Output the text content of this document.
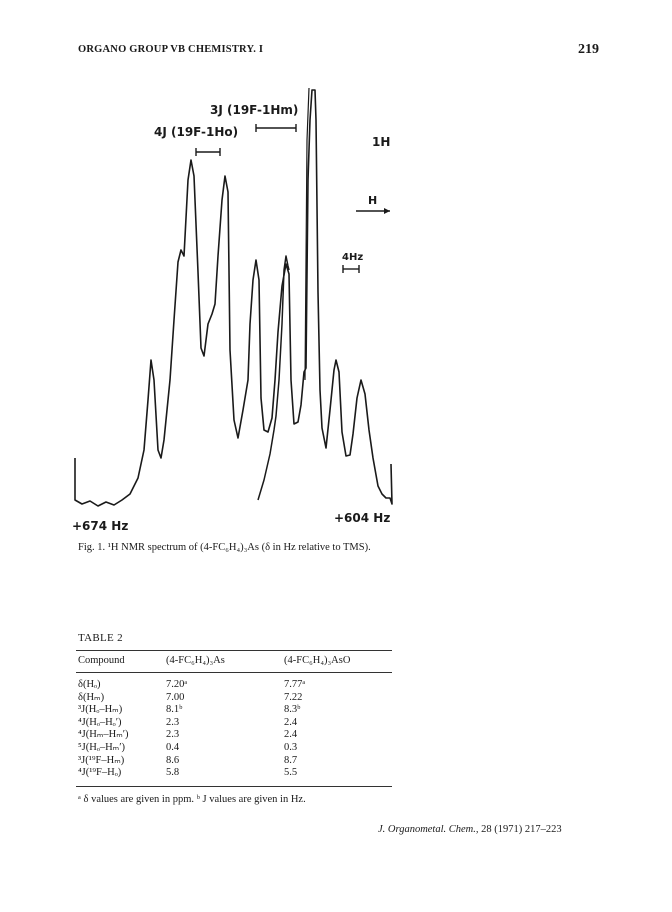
ORGANO GROUP VB CHEMISTRY. I	219
4J (19F-1Ho)
3J (19F-1Hm)
1H
H
4Hz
+674 Hz
+604 Hz
Fig. 1. ¹H NMR spectrum of (4-FC₆H₄)₃As (δ in Hz relative to TMS).
TABLE 2
Compound	(4-FC₆H₄)₃As	(4-FC₆H₄)₃AsO
δ(Hₒ)	7.20ᵃ	7.77ᵃ
δ(Hₘ)	7.00	7.22
³J(Hₒ–Hₘ)	8.1ᵇ	8.3ᵇ
⁴J(Hₒ–Hₒ′)	2.3	2.4
⁴J(Hₘ–Hₘ′)	2.3	2.4
⁵J(Hₒ–Hₘ′)	0.4	0.3
³J(¹⁹F–Hₘ)	8.6	8.7
⁴J(¹⁹F–Hₒ)	5.8	5.5
ᵃ δ values are given in ppm. ᵇ J values are given in Hz.
J. Organometal. Chem., 28 (1971) 217–223
